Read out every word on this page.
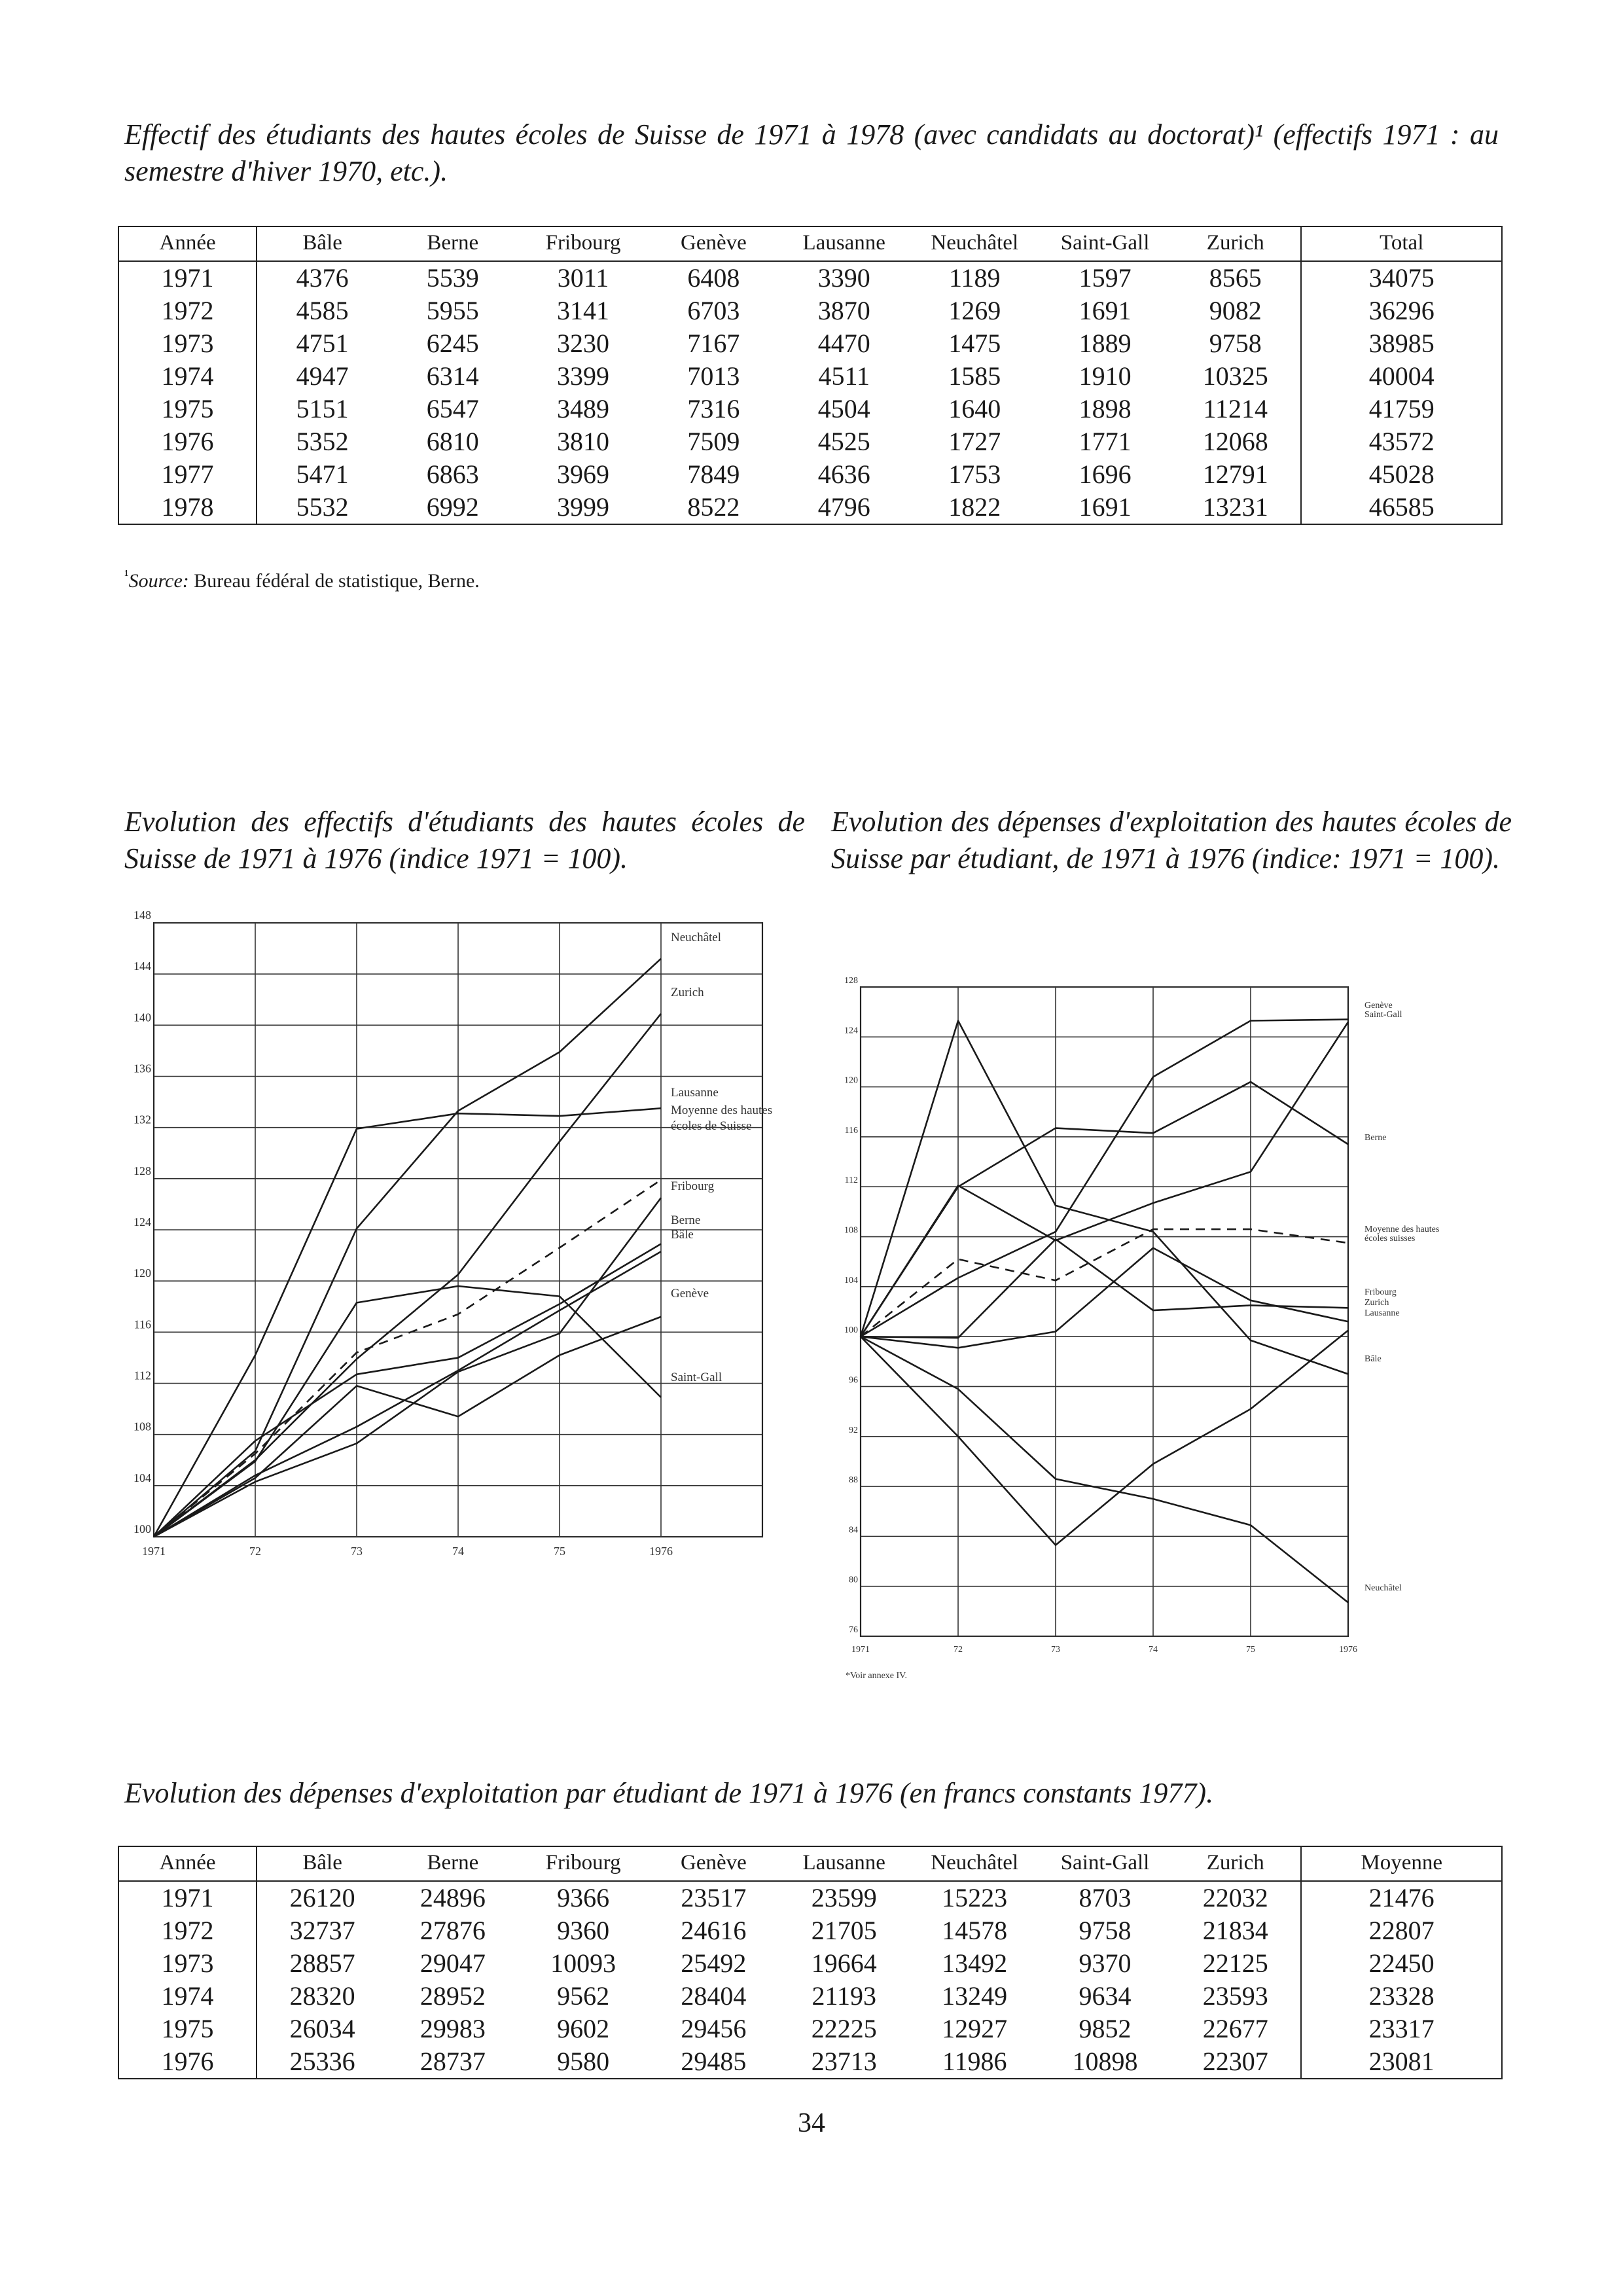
Effectif des étudiants des hautes écoles de Suisse de 1971 à 1978 (avec candidats au doctorat)¹ (effectifs 1971 : au semestre d'hiver 1970, etc.).
Année	Bâle	Berne	Fribourg	Genève	Lausanne	Neuchâtel	Saint-Gall	Zurich	Total
1971	4376	5539	3011	6408	3390	1189	1597	8565	34075
1972	4585	5955	3141	6703	3870	1269	1691	9082	36296
1973	4751	6245	3230	7167	4470	1475	1889	9758	38985
1974	4947	6314	3399	7013	4511	1585	1910	10325	40004
1975	5151	6547	3489	7316	4504	1640	1898	11214	41759
1976	5352	6810	3810	7509	4525	1727	1771	12068	43572
1977	5471	6863	3969	7849	4636	1753	1696	12791	45028
1978	5532	6992	3999	8522	4796	1822	1691	13231	46585
$^{^1}$Source: Bureau fédéral de statistique, Berne.
Evolution des effectifs d'étudiants des hautes écoles de Suisse de 1971 à 1976 (indice 1971 = 100).
Evolution des dépenses d'exploitation des hautes écoles de Suisse par étudiant, de 1971 à 1976 (indice: 1971 = 100).
100
104
108
112
116
120
124
128
132
136
140
144
148
1971	72	73	74	75	1976
Neuchâtel
Zurich
Lausanne
Moyenne des hautes
écoles de Suisse
Fribourg
Berne
Bâle
Genève
Saint-Gall
76
80
84
88
92
96
100
104
108
112
116
120
124
128
1971	72	73	74	75	1976
Genève
Saint-Gall
Berne
Moyenne des hautes
écoles suisses
Fribourg
Zurich
Lausanne
Bâle
Neuchâtel
*Voir annexe IV.
Evolution des dépenses d'exploitation par étudiant de 1971 à 1976 (en francs constants 1977).
Année	Bâle	Berne	Fribourg	Genève	Lausanne	Neuchâtel	Saint-Gall	Zurich	Moyenne
1971	26120	24896	9366	23517	23599	15223	8703	22032	21476
1972	32737	27876	9360	24616	21705	14578	9758	21834	22807
1973	28857	29047	10093	25492	19664	13492	9370	22125	22450
1974	28320	28952	9562	28404	21193	13249	9634	23593	23328
1975	26034	29983	9602	29456	22225	12927	9852	22677	23317
1976	25336	28737	9580	29485	23713	11986	10898	22307	23081
34
